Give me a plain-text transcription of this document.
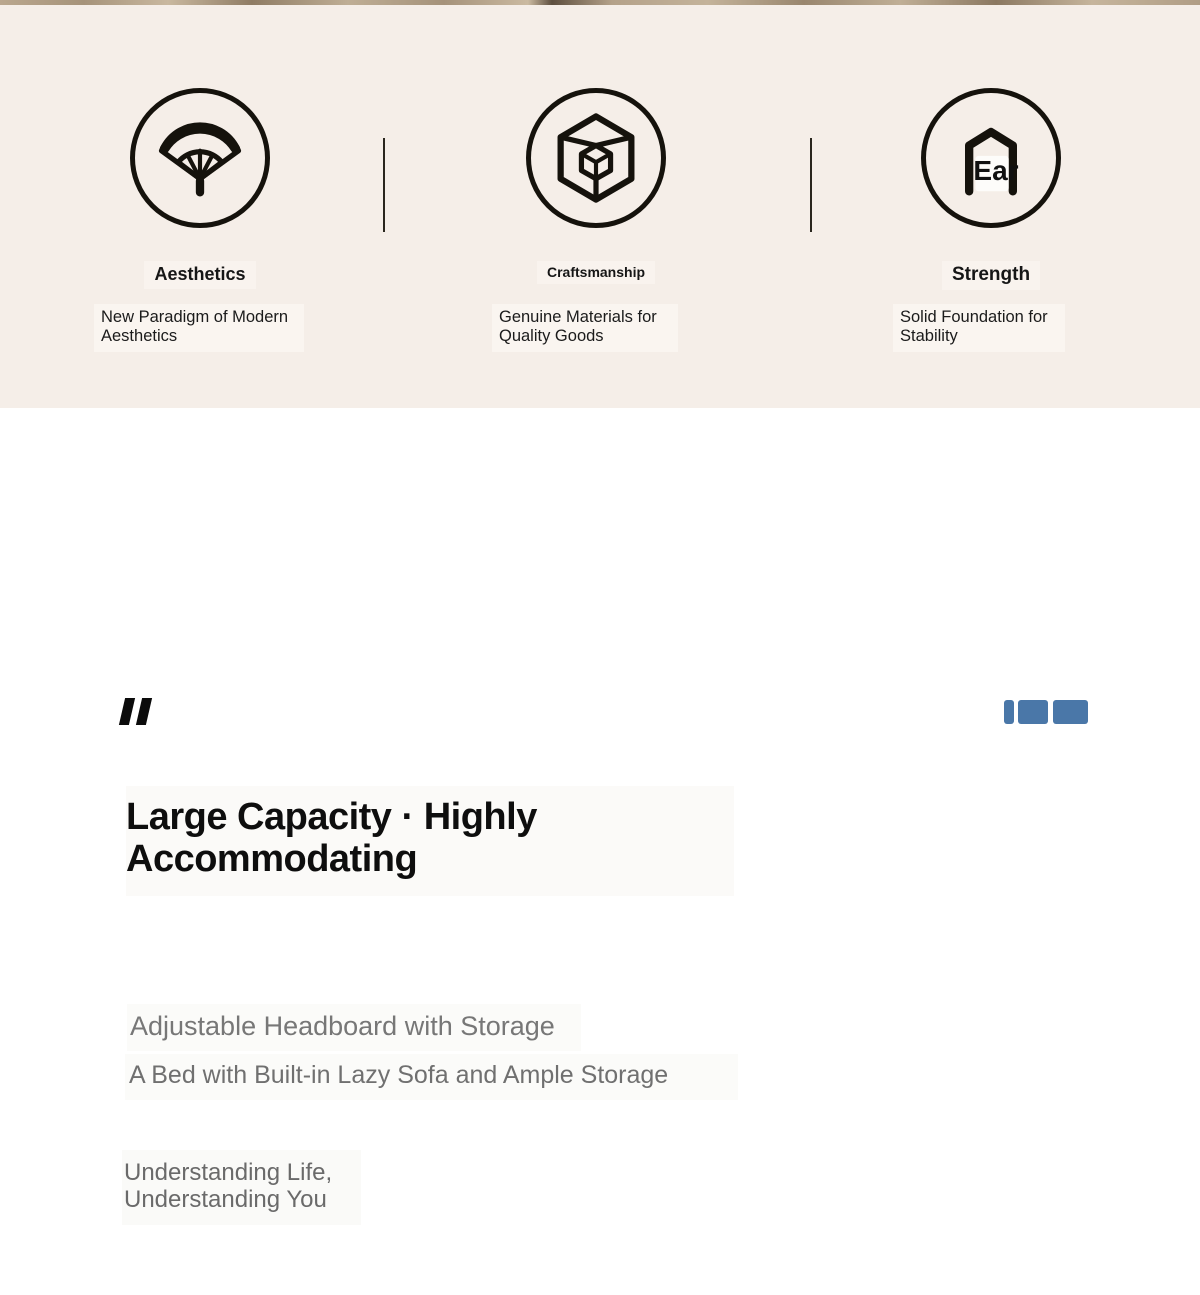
Aesthetics
New Paradigm of Modern Aesthetics
Craftsmanship
Genuine Materials for Quality Goods
Ear
Strength
Solid Foundation for Stability
Large Capacity · Highly Accommodating
Adjustable Headboard with Storage
A Bed with Built-in Lazy Sofa and Ample Storage
Understanding Life,
Understanding You
